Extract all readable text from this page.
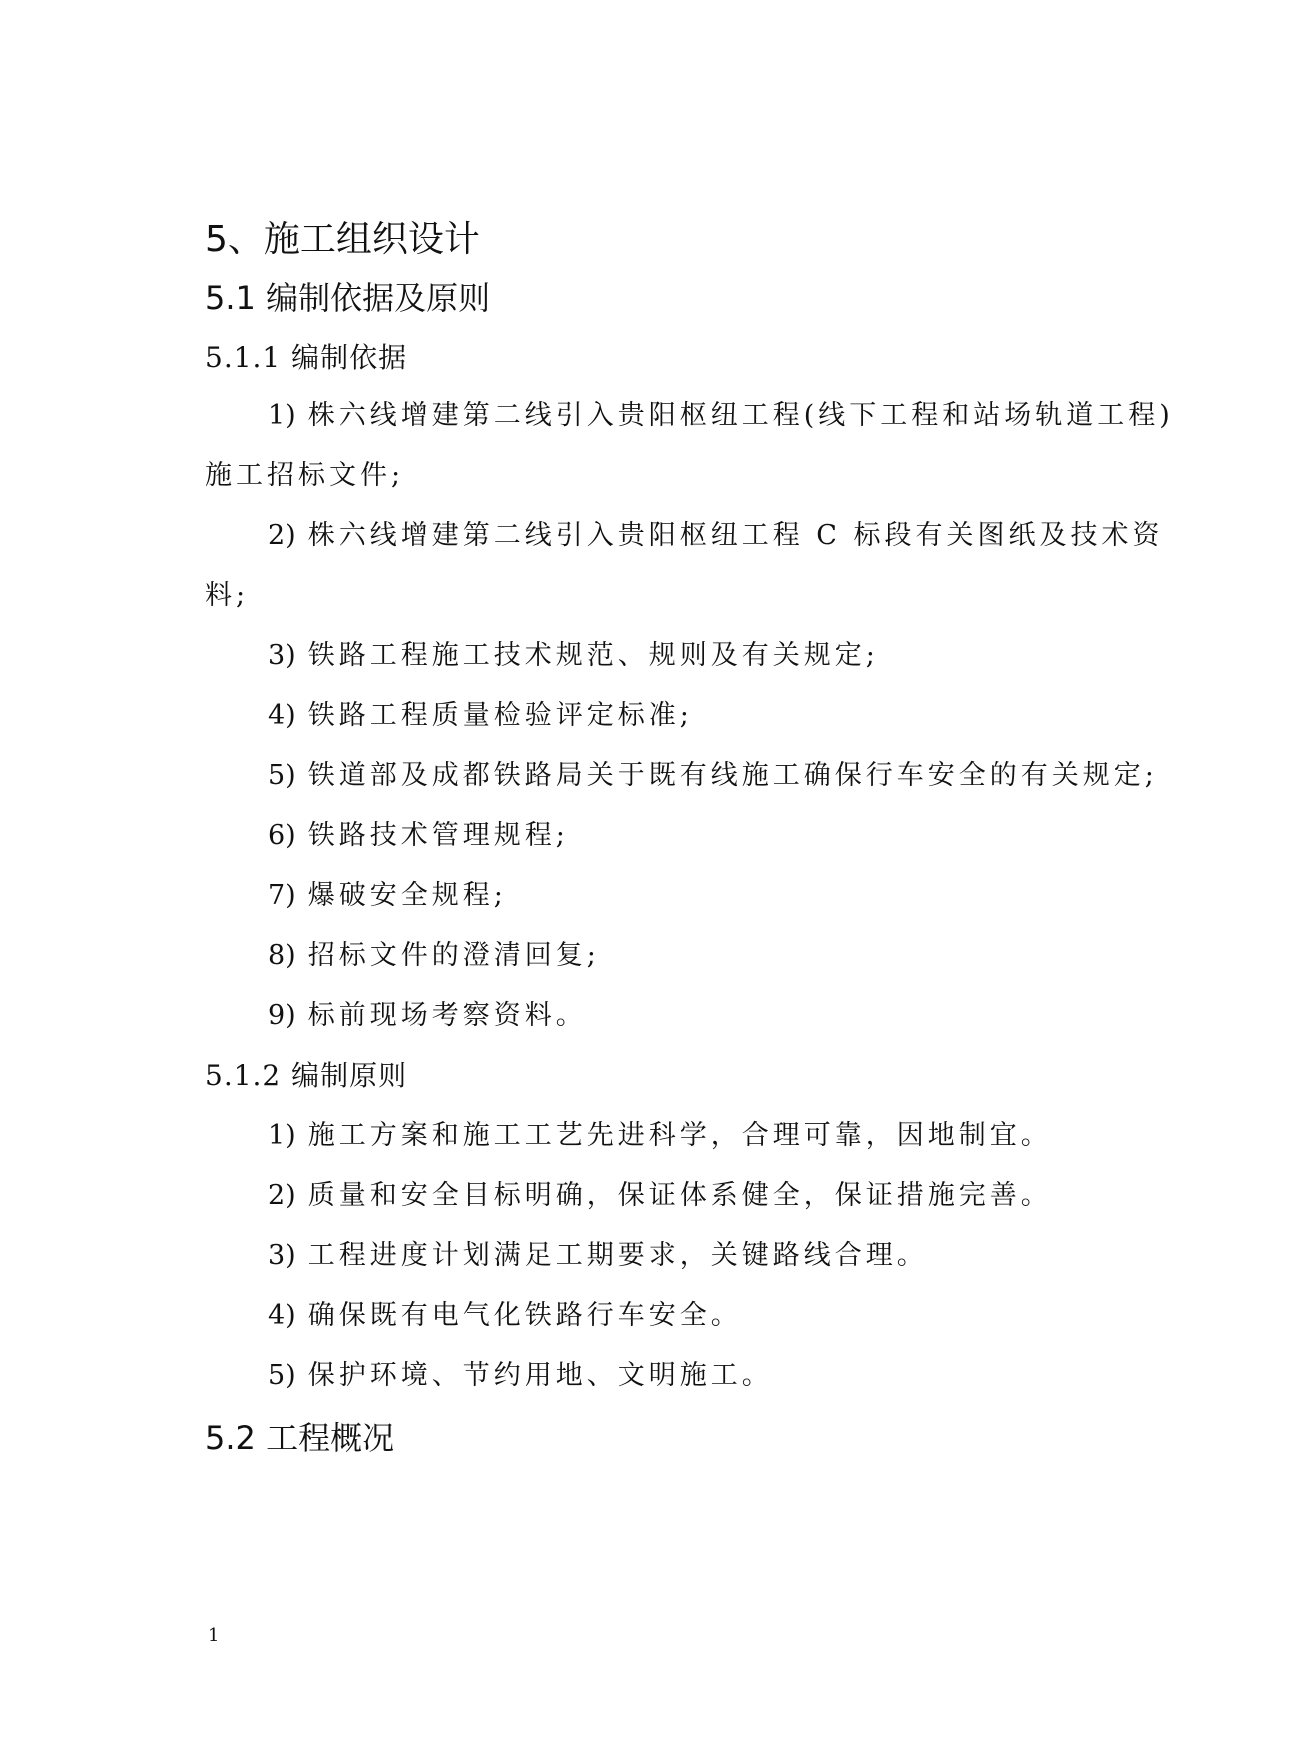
5、施工组织设计
5.1 编制依据及原则
5.1.1 编制依据
1) 株六线增建第二线引入贵阳枢纽工程(线下工程和站场轨道工程)
施工招标文件;
2) 株六线增建第二线引入贵阳枢纽工程 C 标段有关图纸及技术资
料;
3) 铁路工程施工技术规范、规则及有关规定;
4) 铁路工程质量检验评定标准;
5) 铁道部及成都铁路局关于既有线施工确保行车安全的有关规定;
6) 铁路技术管理规程;
7) 爆破安全规程;
8) 招标文件的澄清回复;
9) 标前现场考察资料。
5.1.2 编制原则
1) 施工方案和施工工艺先进科学，合理可靠，因地制宜。
2) 质量和安全目标明确，保证体系健全，保证措施完善。
3) 工程进度计划满足工期要求，关键路线合理。
4) 确保既有电气化铁路行车安全。
5) 保护环境、节约用地、文明施工。
5.2 工程概况
1
